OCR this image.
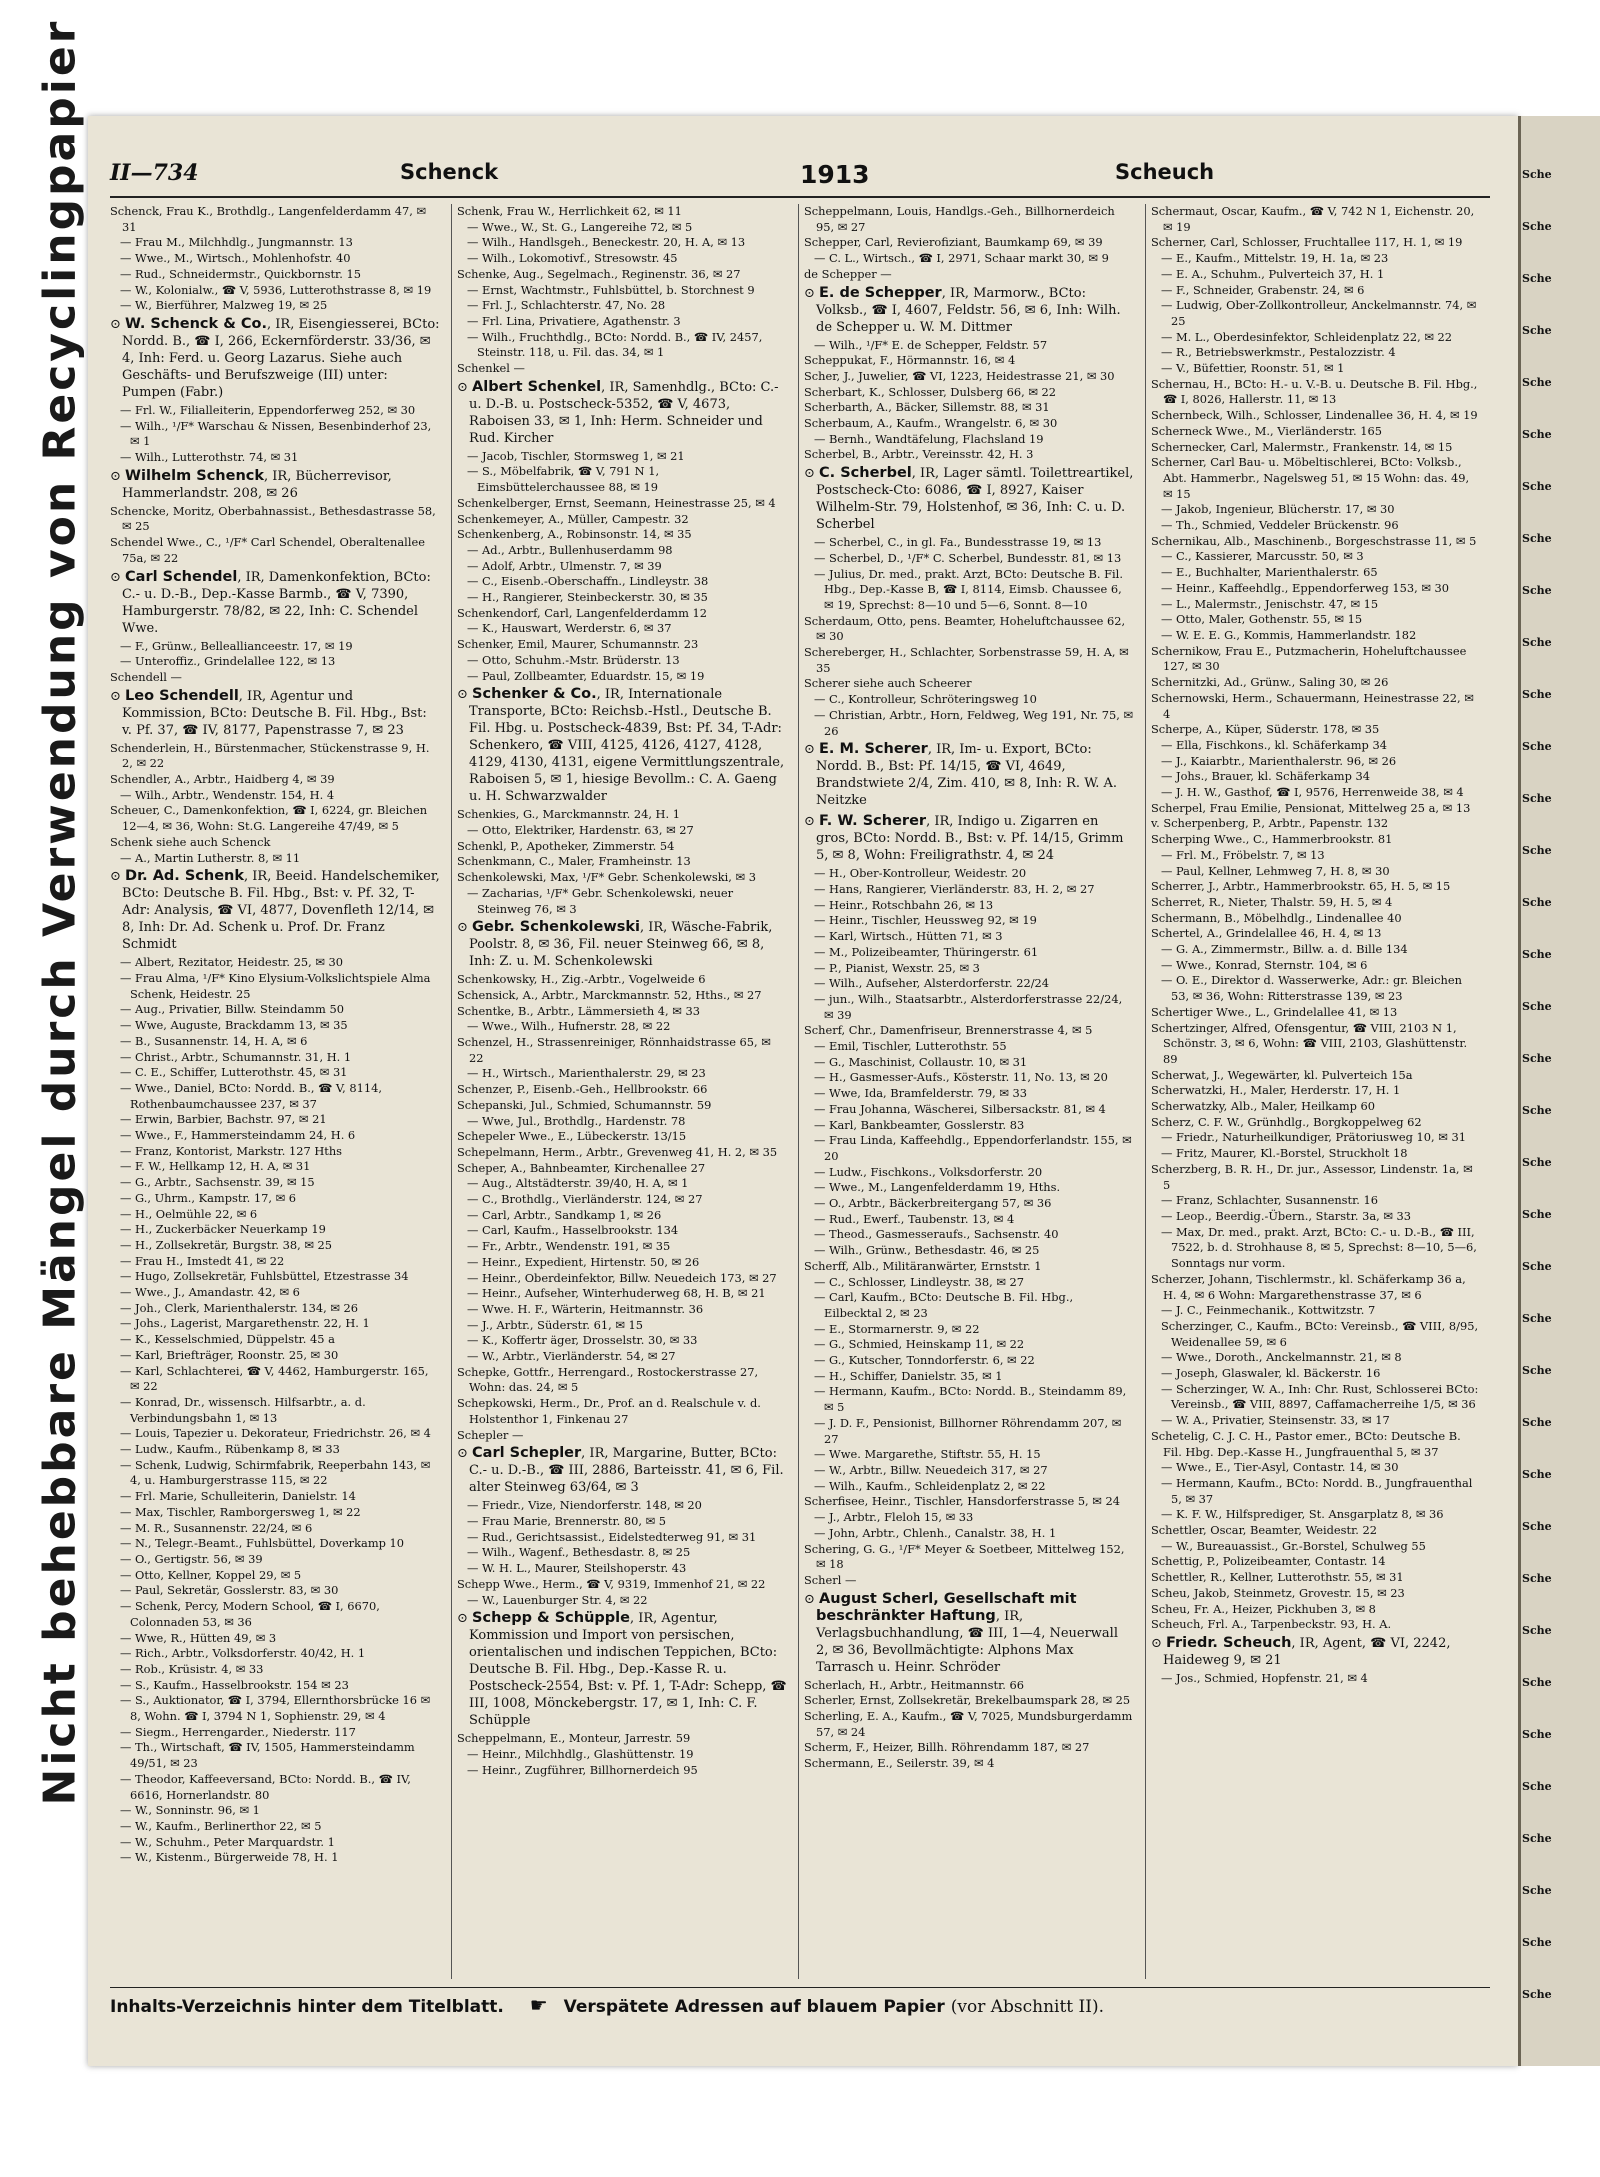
Nicht behebbare Mängel durch Verwendung von Recyclingpapier	Sche
Sche
Sche
Sche
Sche
Sche
Sche
Sche
Sche
Sche
Sche
Sche
Sche
Sche
Sche
Sche
Sche
Sche
Sche
Sche
Sche
Sche
Sche
Sche
Sche
Sche
Sche
Sche
Sche
Sche
Sche
Sche
Sche
Sche
Sche
Sche
II—734	Schenck	1913	Scheuch

Schenck, Frau K., Brothdlg., Langenfelderdamm 47, ✉ 31

— Frau M., Milchhdlg., Jungmannstr. 13

— Wwe., M., Wirtsch., Mohlenhofstr. 40

— Rud., Schneidermstr., Quickbornstr. 15

— W., Kolonialw., ☎ V, 5936, Lutterothstrasse 8, ✉ 19

— W., Bierführer, Malzweg 19, ✉ 25

⊙ W. Schenck & Co., IR, Eisengiesserei, BCto: Nordd. B., ☎ I, 266, Eckernförderstr. 33/36, ✉ 4, Inh: Ferd. u. Georg Lazarus. Siehe auch Geschäfts- und Berufszweige (III) unter: Pumpen (Fabr.)

— Frl. W., Filialleiterin, Eppendorferweg 252, ✉ 30

— Wilh., ¹/F* Warschau & Nissen, Besenbinderhof 23, ✉ 1

— Wilh., Lutterothstr. 74, ✉ 31

⊙ Wilhelm Schenck, IR, Bücherrevisor, Hammerlandstr. 208, ✉ 26

Schencke, Moritz, Oberbahnassist., Bethesdastrasse 58, ✉ 25

Schendel Wwe., C., ¹/F* Carl Schendel, Oberaltenallee 75a, ✉ 22

⊙ Carl Schendel, IR, Damenkonfektion, BCto: C.- u. D.-B., Dep.-Kasse Barmb., ☎ V, 7390, Hamburgerstr. 78/82, ✉ 22, Inh: C. Schendel Wwe.

— F., Grünw., Belleallianceestr. 17, ✉ 19

— Unteroffiz., Grindelallee 122, ✉ 13

Schendell —

⊙ Leo Schendell, IR, Agentur und Kommission, BCto: Deutsche B. Fil. Hbg., Bst: v. Pf. 37, ☎ IV, 8177, Papenstrasse 7, ✉ 23

Schenderlein, H., Bürstenmacher, Stückenstrasse 9, H. 2, ✉ 22

Schendler, A., Arbtr., Haidberg 4, ✉ 39

— Wilh., Arbtr., Wendenstr. 154, H. 4

Scheuer, C., Damenkonfektion, ☎ I, 6224, gr. Bleichen 12—4, ✉ 36, Wohn: St.G. Langereihe 47/49, ✉ 5

Schenk siehe auch Schenck

— A., Martin Lutherstr. 8, ✉ 11

⊙ Dr. Ad. Schenk, IR, Beeid. Handelschemiker, BCto: Deutsche B. Fil. Hbg., Bst: v. Pf. 32, T-Adr: Analysis, ☎ VI, 4877, Dovenfleth 12/14, ✉ 8, Inh: Dr. Ad. Schenk u. Prof. Dr. Franz Schmidt

— Albert, Rezitator, Heidestr. 25, ✉ 30

— Frau Alma, ¹/F* Kino Elysium-Volkslichtspiele Alma Schenk, Heidestr. 25

— Aug., Privatier, Billw. Steindamm 50

— Wwe, Auguste, Brackdamm 13, ✉ 35

— B., Susannenstr. 14, H. A, ✉ 6

— Christ., Arbtr., Schumannstr. 31, H. 1

— C. E., Schiffer, Lutterothstr. 45, ✉ 31

— Wwe., Daniel, BCto: Nordd. B., ☎ V, 8114, Rothenbaumchaussee 237, ✉ 37

— Erwin, Barbier, Bachstr. 97, ✉ 21

— Wwe., F., Hammersteindamm 24, H. 6

— Franz, Kontorist, Markstr. 127 Hths

— F. W., Hellkamp 12, H. A, ✉ 31

— G., Arbtr., Sachsenstr. 39, ✉ 15

— G., Uhrm., Kampstr. 17, ✉ 6

— H., Oelmühle 22, ✉ 6

— H., Zuckerbäcker Neuerkamp 19

— H., Zollsekretär, Burgstr. 38, ✉ 25

— Frau H., Imstedt 41, ✉ 22

— Hugo, Zollsekretär, Fuhlsbüttel, Etzestrasse 34

— Wwe., J., Amandastr. 42, ✉ 6

— Joh., Clerk, Marienthalerstr. 134, ✉ 26

— Johs., Lagerist, Margarethenstr. 22, H. 1

— K., Kesselschmied, Düppelstr. 45 a

— Karl, Briefträger, Roonstr. 25, ✉ 30

— Karl, Schlachterei, ☎ V, 4462, Hamburgerstr. 165, ✉ 22

— Konrad, Dr., wissensch. Hilfsarbtr., a. d. Verbindungsbahn 1, ✉ 13

— Louis, Tapezier u. Dekorateur, Friedrichstr. 26, ✉ 4

— Ludw., Kaufm., Rübenkamp 8, ✉ 33

— Schenk, Ludwig, Schirmfabrik, Reeperbahn 143, ✉ 4, u. Hamburgerstrasse 115, ✉ 22

— Frl. Marie, Schulleiterin, Danielstr. 14

— Max, Tischler, Ramborgersweg 1, ✉ 22

— M. R., Susannenstr. 22/24, ✉ 6

— N., Telegr.-Beamt., Fuhlsbüttel, Doverkamp 10

— O., Gertigstr. 56, ✉ 39

— Otto, Kellner, Koppel 29, ✉ 5

— Paul, Sekretär, Gosslerstr. 83, ✉ 30

— Schenk, Percy, Modern School, ☎ I, 6670, Colonnaden 53, ✉ 36

— Wwe, R., Hütten 49, ✉ 3

— Rich., Arbtr., Volksdorferstr. 40/42, H. 1

— Rob., Krüsistr. 4, ✉ 33

— S., Kaufm., Hasselbrookstr. 154 ✉ 23

— S., Auktionator, ☎ I, 3794, Ellernthorsbrücke 16 ✉ 8, Wohn. ☎ I, 3794 N 1, Sophienstr. 29, ✉ 4

— Siegm., Herrengarder., Niederstr. 117

— Th., Wirtschaft, ☎ IV, 1505, Hammersteindamm 49/51, ✉ 23

— Theodor, Kaffeeversand, BCto: Nordd. B., ☎ IV, 6616, Hornerlandstr. 80

— W., Sonninstr. 96, ✉ 1

— W., Kaufm., Berlinerthor 22, ✉ 5

— W., Schuhm., Peter Marquardstr. 1

— W., Kistenm., Bürgerweide 78, H. 1

Schenk, Frau W., Herrlichkeit 62, ✉ 11

— Wwe., W., St. G., Langereihe 72, ✉ 5

— Wilh., Handlsgeh., Beneckestr. 20, H. A, ✉ 13

— Wilh., Lokomotivf., Stresowstr. 45

Schenke, Aug., Segelmach., Reginenstr. 36, ✉ 27

— Ernst, Wachtmstr., Fuhlsbüttel, b. Storchnest 9

— Frl. J., Schlachterstr. 47, No. 28

— Frl. Lina, Privatiere, Agathenstr. 3

— Wilh., Fruchthdlg., BCto: Nordd. B., ☎ IV, 2457, Steinstr. 118, u. Fil. das. 34, ✉ 1

Schenkel —

⊙ Albert Schenkel, IR, Samenhdlg., BCto: C.- u. D.-B. u. Postscheck-5352, ☎ V, 4673, Raboisen 33, ✉ 1, Inh: Herm. Schneider und Rud. Kircher

— Jacob, Tischler, Stormsweg 1, ✉ 21

— S., Möbelfabrik, ☎ V, 791 N 1, Eimsbüttelerchaussee 88, ✉ 19

Schenkelberger, Ernst, Seemann, Heinestrasse 25, ✉ 4

Schenkemeyer, A., Müller, Campestr. 32

Schenkenberg, A., Robinsonstr. 14, ✉ 35

— Ad., Arbtr., Bullenhuserdamm 98

— Adolf, Arbtr., Ulmenstr. 7, ✉ 39

— C., Eisenb.-Oberschaffn., Lindleystr. 38

— H., Rangierer, Steinbeckerstr. 30, ✉ 35

Schenkendorf, Carl, Langenfelderdamm 12

— K., Hauswart, Werderstr. 6, ✉ 37

Schenker, Emil, Maurer, Schumannstr. 23

— Otto, Schuhm.-Mstr. Brüderstr. 13

— Paul, Zollbeamter, Eduardstr. 15, ✉ 19

⊙ Schenker & Co., IR, Internationale Transporte, BCto: Reichsb.-Hstl., Deutsche B. Fil. Hbg. u. Postscheck-4839, Bst: Pf. 34, T-Adr: Schenkero, ☎ VIII, 4125, 4126, 4127, 4128, 4129, 4130, 4131, eigene Vermittlungszentrale, Raboisen 5, ✉ 1, hiesige Bevollm.: C. A. Gaeng u. H. Schwarzwalder

Schenkies, G., Marckmannstr. 24, H. 1

— Otto, Elektriker, Hardenstr. 63, ✉ 27

Schenkl, P., Apotheker, Zimmerstr. 54

Schenkmann, C., Maler, Framheinstr. 13

Schenkolewski, Max, ¹/F* Gebr. Schenkolewski, ✉ 3

— Zacharias, ¹/F* Gebr. Schenkolewski, neuer Steinweg 76, ✉ 3

⊙ Gebr. Schenkolewski, IR, Wäsche-Fabrik, Poolstr. 8, ✉ 36, Fil. neuer Steinweg 66, ✉ 8, Inh: Z. u. M. Schenkolewski

Schenkowsky, H., Zig.-Arbtr., Vogelweide 6

Schensick, A., Arbtr., Marckmannstr. 52, Hths., ✉ 27

Schentke, B., Arbtr., Lämmersieth 4, ✉ 33

— Wwe., Wilh., Hufnerstr. 28, ✉ 22

Schenzel, H., Strassenreiniger, Rönnhaidstrasse 65, ✉ 22

— H., Wirtsch., Marienthalerstr. 29, ✉ 23

Schenzer, P., Eisenb.-Geh., Hellbrookstr. 66

Schepanski, Jul., Schmied, Schumannstr. 59

— Wwe, Jul., Brothdlg., Hardenstr. 78

Schepeler Wwe., E., Lübeckerstr. 13/15

Schepelmann, Herm., Arbtr., Grevenweg 41, H. 2, ✉ 35

Scheper, A., Bahnbeamter, Kirchenallee 27

— Aug., Altstädterstr. 39/40, H. A, ✉ 1

— C., Brothdlg., Vierländerstr. 124, ✉ 27

— Carl, Arbtr., Sandkamp 1, ✉ 26

— Carl, Kaufm., Hasselbrookstr. 134

— Fr., Arbtr., Wendenstr. 191, ✉ 35

— Heinr., Expedient, Hirtenstr. 50, ✉ 26

— Heinr., Oberdeinfektor, Billw. Neuedeich 173, ✉ 27

— Heinr., Aufseher, Winterhuderweg 68, H. B, ✉ 21

— Wwe. H. F., Wärterin, Heitmannstr. 36

— J., Arbtr., Süderstr. 61, ✉ 15

— K., Koffertr äger, Drosselstr. 30, ✉ 33

— W., Arbtr., Vierländerstr. 54, ✉ 27

Schepke, Gottfr., Herrengard., Rostockerstrasse 27, Wohn: das. 24, ✉ 5

Schepkowski, Herm., Dr., Prof. an d. Realschule v. d. Holstenthor 1, Finkenau 27

Schepler —

⊙ Carl Schepler, IR, Margarine, Butter, BCto: C.- u. D.-B., ☎ III, 2886, Barteisstr. 41, ✉ 6, Fil. alter Steinweg 63/64, ✉ 3

— Friedr., Vize, Niendorferstr. 148, ✉ 20

— Frau Marie, Brennerstr. 80, ✉ 5

— Rud., Gerichtsassist., Eidelstedterweg 91, ✉ 31

— Wilh., Wagenf., Bethesdastr. 8, ✉ 25

— W. H. L., Maurer, Steilshoperstr. 43

Schepp Wwe., Herm., ☎ V, 9319, Immenhof 21, ✉ 22

— W., Lauenburger Str. 4, ✉ 22

⊙ Schepp & Schüpple, IR, Agentur, Kommission und Import von persischen, orientalischen und indischen Teppichen, BCto: Deutsche B. Fil. Hbg., Dep.-Kasse R. u. Postscheck-2554, Bst: v. Pf. 1, T-Adr: Schepp, ☎ III, 1008, Mönckebergstr. 17, ✉ 1, Inh: C. F. Schüpple

Scheppelmann, E., Monteur, Jarrestr. 59

— Heinr., Milchhdlg., Glashüttenstr. 19

— Heinr., Zugführer, Billhornerdeich 95

Scheppelmann, Louis, Handlgs.-Geh., Billhornerdeich 95, ✉ 27

Schepper, Carl, Revierofiziant, Baumkamp 69, ✉ 39

— C. L., Wirtsch., ☎ I, 2971, Schaar markt 30, ✉ 9

de Schepper —

⊙ E. de Schepper, IR, Marmorw., BCto: Volksb., ☎ I, 4607, Feldstr. 56, ✉ 6, Inh: Wilh. de Schepper u. W. M. Dittmer

— Wilh., ¹/F* E. de Schepper, Feldstr. 57

Scheppukat, F., Hörmannstr. 16, ✉ 4

Scher, J., Juwelier, ☎ VI, 1223, Heidestrasse 21, ✉ 30

Scherbart, K., Schlosser, Dulsberg 66, ✉ 22

Scherbarth, A., Bäcker, Sillemstr. 88, ✉ 31

Scherbaum, A., Kaufm., Wrangelstr. 6, ✉ 30

— Bernh., Wandtäfelung, Flachsland 19

Scherbel, B., Arbtr., Vereinsstr. 42, H. 3

⊙ C. Scherbel, IR, Lager sämtl. Toilettreartikel, Postscheck-Cto: 6086, ☎ I, 8927, Kaiser Wilhelm-Str. 79, Holstenhof, ✉ 36, Inh: C. u. D. Scherbel

— Scherbel, C., in gl. Fa., Bundesstrasse 19, ✉ 13

— Scherbel, D., ¹/F* C. Scherbel, Bundesstr. 81, ✉ 13

— Julius, Dr. med., prakt. Arzt, BCto: Deutsche B. Fil. Hbg., Dep.-Kasse B, ☎ I, 8114, Eimsb. Chaussee 6, ✉ 19, Sprechst: 8—10 und 5—6, Sonnt. 8—10

Scherdaum, Otto, pens. Beamter, Hoheluftchaussee 62, ✉ 30

Schereberger, H., Schlachter, Sorbenstrasse 59, H. A, ✉ 35

Scherer siehe auch Scheerer

— C., Kontrolleur, Schröteringsweg 10

— Christian, Arbtr., Horn, Feldweg, Weg 191, Nr. 75, ✉ 26

⊙ E. M. Scherer, IR, Im- u. Export, BCto: Nordd. B., Bst: Pf. 14/15, ☎ VI, 4649, Brandstwiete 2/4, Zim. 410, ✉ 8, Inh: R. W. A. Neitzke

⊙ F. W. Scherer, IR, Indigo u. Zigarren en gros, BCto: Nordd. B., Bst: v. Pf. 14/15, Grimm 5, ✉ 8, Wohn: Freiligrathstr. 4, ✉ 24

— H., Ober-Kontrolleur, Weidestr. 20

— Hans, Rangierer, Vierländerstr. 83, H. 2, ✉ 27

— Heinr., Rotschbahn 26, ✉ 13

— Heinr., Tischler, Heussweg 92, ✉ 19

— Karl, Wirtsch., Hütten 71, ✉ 3

— M., Polizeibeamter, Thüringerstr. 61

— P., Pianist, Wexstr. 25, ✉ 3

— Wilh., Aufseher, Alsterdorferstr. 22/24

— jun., Wilh., Staatsarbtr., Alsterdorferstrasse 22/24, ✉ 39

Scherf, Chr., Damenfriseur, Brennerstrasse 4, ✉ 5

— Emil, Tischler, Lutterothstr. 55

— G., Maschinist, Collaustr. 10, ✉ 31

— H., Gasmesser-Aufs., Kösterstr. 11, No. 13, ✉ 20

— Wwe, Ida, Bramfelderstr. 79, ✉ 33

— Frau Johanna, Wäscherei, Silbersackstr. 81, ✉ 4

— Karl, Bankbeamter, Gosslerstr. 83

— Frau Linda, Kaffeehdlg., Eppendorferlandstr. 155, ✉ 20

— Ludw., Fischkons., Volksdorferstr. 20

— Wwe., M., Langenfelderdamm 19, Hths.

— O., Arbtr., Bäckerbreitergang 57, ✉ 36

— Rud., Ewerf., Taubenstr. 13, ✉ 4

— Theod., Gasmesseraufs., Sachsenstr. 40

— Wilh., Grünw., Bethesdastr. 46, ✉ 25

Scherff, Alb., Militäranwärter, Ernststr. 1

— C., Schlosser, Lindleystr. 38, ✉ 27

— Carl, Kaufm., BCto: Deutsche B. Fil. Hbg., Eilbecktal 2, ✉ 23

— E., Stormarnerstr. 9, ✉ 22

— G., Schmied, Heinskamp 11, ✉ 22

— G., Kutscher, Tonndorferstr. 6, ✉ 22

— H., Schiffer, Danielstr. 35, ✉ 1

— Hermann, Kaufm., BCto: Nordd. B., Steindamm 89, ✉ 5

— J. D. F., Pensionist, Billhorner Röhrendamm 207, ✉ 27

— Wwe. Margarethe, Stiftstr. 55, H. 15

— W., Arbtr., Billw. Neuedeich 317, ✉ 27

— Wilh., Kaufm., Schleidenplatz 2, ✉ 22

Scherfisee, Heinr., Tischler, Hansdorferstrasse 5, ✉ 24

— J., Arbtr., Fleloh 15, ✉ 33

— John, Arbtr., Chlenh., Canalstr. 38, H. 1

Schering, G. G., ¹/F* Meyer & Soetbeer, Mittelweg 152, ✉ 18

Scherl —

⊙ August Scherl, Gesellschaft mit beschränkter Haftung, IR, Verlagsbuchhandlung, ☎ III, 1—4, Neuerwall 2, ✉ 36, Bevollmächtigte: Alphons Max Tarrasch u. Heinr. Schröder

Scherlach, H., Arbtr., Heitmannstr. 66

Scherler, Ernst, Zollsekretär, Brekelbaumspark 28, ✉ 25

Scherling, E. A., Kaufm., ☎ V, 7025, Mundsburgerdamm 57, ✉ 24

Scherm, F., Heizer, Billh. Röhrendamm 187, ✉ 27

Schermann, E., Seilerstr. 39, ✉ 4

Schermaut, Oscar, Kaufm., ☎ V, 742 N 1, Eichenstr. 20, ✉ 19

Scherner, Carl, Schlosser, Fruchtallee 117, H. 1, ✉ 19

— E., Kaufm., Mittelstr. 19, H. 1a, ✉ 23

— E. A., Schuhm., Pulverteich 37, H. 1

— F., Schneider, Grabenstr. 24, ✉ 6

— Ludwig, Ober-Zollkontrolleur, Anckelmannstr. 74, ✉ 25

— M. L., Oberdesinfektor, Schleidenplatz 22, ✉ 22

— R., Betriebswerkmstr., Pestalozzistr. 4

— V., Büfettier, Roonstr. 51, ✉ 1

Schernau, H., BCto: H.- u. V.-B. u. Deutsche B. Fil. Hbg., ☎ I, 8026, Hallerstr. 11, ✉ 13

Schernbeck, Wilh., Schlosser, Lindenallee 36, H. 4, ✉ 19

Scherneck Wwe., M., Vierländerstr. 165

Schernecker, Carl, Malermstr., Frankenstr. 14, ✉ 15

Scherner, Carl Bau- u. Möbeltischlerei, BCto: Volksb., Abt. Hammerbr., Nagelsweg 51, ✉ 15 Wohn: das. 49, ✉ 15

— Jakob, Ingenieur, Blücherstr. 17, ✉ 30

— Th., Schmied, Veddeler Brückenstr. 96

Schernikau, Alb., Maschinenb., Borgeschstrasse 11, ✉ 5

— C., Kassierer, Marcusstr. 50, ✉ 3

— E., Buchhalter, Marienthalerstr. 65

— Heinr., Kaffeehdlg., Eppendorferweg 153, ✉ 30

— L., Malermstr., Jenischstr. 47, ✉ 15

— Otto, Maler, Gothenstr. 55, ✉ 15

— W. E. E. G., Kommis, Hammerlandstr. 182

Schernikow, Frau E., Putzmacherin, Hoheluftchaussee 127, ✉ 30

Schernitzki, Ad., Grünw., Saling 30, ✉ 26

Schernowski, Herm., Schauermann, Heinestrasse 22, ✉ 4

Scherpe, A., Küper, Süderstr. 178, ✉ 35

— Ella, Fischkons., kl. Schäferkamp 34

— J., Kaiarbtr., Marienthalerstr. 96, ✉ 26

— Johs., Brauer, kl. Schäferkamp 34

— J. H. W., Gasthof, ☎ I, 9576, Herrenweide 38, ✉ 4

Scherpel, Frau Emilie, Pensionat, Mittelweg 25 a, ✉ 13

v. Scherpenberg, P., Arbtr., Papenstr. 132

Scherping Wwe., C., Hammerbrookstr. 81

— Frl. M., Fröbelstr. 7, ✉ 13

— Paul, Kellner, Lehmweg 7, H. 8, ✉ 30

Scherrer, J., Arbtr., Hammerbrookstr. 65, H. 5, ✉ 15

Scherret, R., Nieter, Thalstr. 59, H. 5, ✉ 4

Schermann, B., Möbelhdlg., Lindenallee 40

Schertel, A., Grindelallee 46, H. 4, ✉ 13

— G. A., Zimmermstr., Billw. a. d. Bille 134

— Wwe., Konrad, Sternstr. 104, ✉ 6

— O. E., Direktor d. Wasserwerke, Adr.: gr. Bleichen 53, ✉ 36, Wohn: Ritterstrasse 139, ✉ 23

Schertiger Wwe., L., Grindelallee 41, ✉ 13

Schertzinger, Alfred, Ofensgentur, ☎ VIII, 2103 N 1, Schönstr. 3, ✉ 6, Wohn: ☎ VIII, 2103, Glashüttenstr. 89

Scherwat, J., Wegewärter, kl. Pulverteich 15a

Scherwatzki, H., Maler, Herderstr. 17, H. 1

Scherwatzky, Alb., Maler, Heilkamp 60

Scherz, C. F. W., Grünhdlg., Borgkoppelweg 62

— Friedr., Naturheilkundiger, Prätoriusweg 10, ✉ 31

— Fritz, Maurer, Kl.-Borstel, Struckholt 18

Scherzberg, B. R. H., Dr. jur., Assessor, Lindenstr. 1a, ✉ 5

— Franz, Schlachter, Susannenstr. 16

— Leop., Beerdig.-Übern., Starstr. 3a, ✉ 33

— Max, Dr. med., prakt. Arzt, BCto: C.- u. D.-B., ☎ III, 7522, b. d. Strohhause 8, ✉ 5, Sprechst: 8—10, 5—6, Sonntags nur vorm.

Scherzer, Johann, Tischlermstr., kl. Schäferkamp 36 a, H. 4, ✉ 6 Wohn: Margarethenstrasse 37, ✉ 6

— J. C., Feinmechanik., Kottwitzstr. 7

Scherzinger, C., Kaufm., BCto: Vereinsb., ☎ VIII, 8/95, Weidenallee 59, ✉ 6

— Wwe., Doroth., Anckelmannstr. 21, ✉ 8

— Joseph, Glaswaler, kl. Bäckerstr. 16

— Scherzinger, W. A., Inh: Chr. Rust, Schlosserei BCto: Vereinsb., ☎ VIII, 8897, Caffamacherreihe 1/5, ✉ 36

— W. A., Privatier, Steinsenstr. 33, ✉ 17

Schetelig, C. J. C. H., Pastor emer., BCto: Deutsche B. Fil. Hbg. Dep.-Kasse H., Jungfrauenthal 5, ✉ 37

— Wwe., E., Tier-Asyl, Contastr. 14, ✉ 30

— Hermann, Kaufm., BCto: Nordd. B., Jungfrauenthal 5, ✉ 37

— K. F. W., Hilfsprediger, St. Ansgarplatz 8, ✉ 36

Schettler, Oscar, Beamter, Weidestr. 22

— W., Bureauassist., Gr.-Borstel, Schulweg 55

Schettig, P., Polizeibeamter, Contastr. 14

Schettler, R., Kellner, Lutterothstr. 55, ✉ 31

Scheu, Jakob, Steinmetz, Grovestr. 15, ✉ 23

Scheu, Fr. A., Heizer, Pickhuben 3, ✉ 8

Scheuch, Frl. A., Tarpenbeckstr. 93, H. A.

⊙ Friedr. Scheuch, IR, Agent, ☎ VI, 2242, Haideweg 9, ✉ 21

— Jos., Schmied, Hopfenstr. 21, ✉ 4

Inhalts-Verzeichnis hinter dem Titelblatt. ☛ Verspätete Adressen auf blauem Papier (vor Abschnitt II).
